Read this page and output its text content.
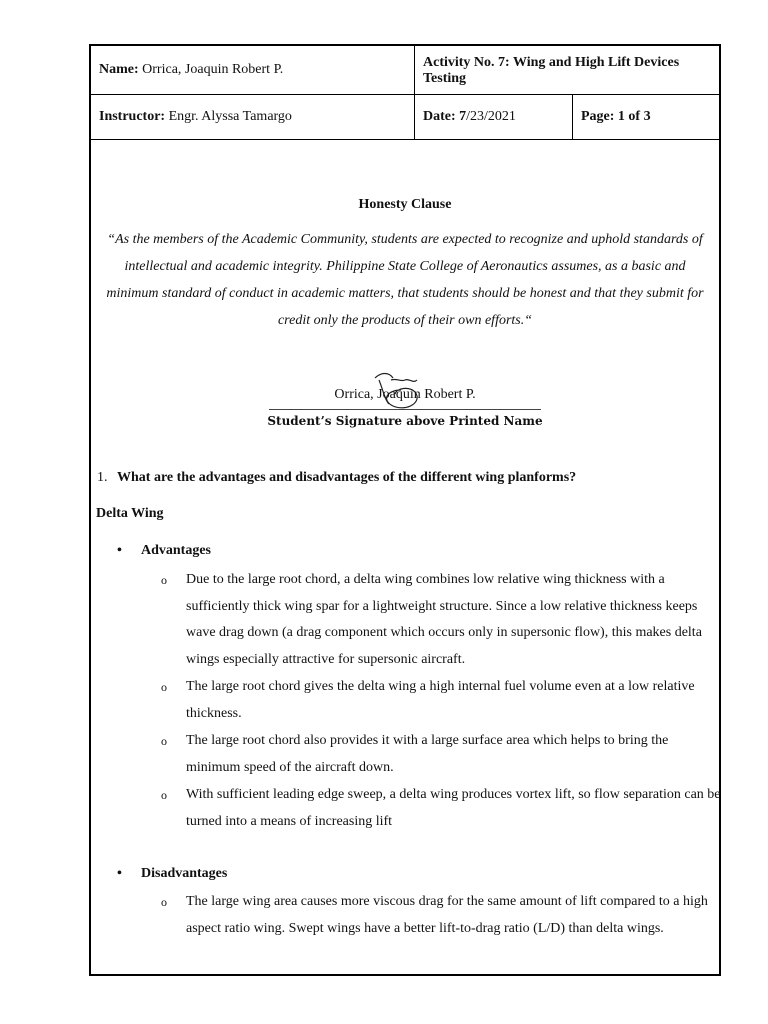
Name: Orrica, Joaquin Robert P.	Activity No. 7: Wing and High Lift Devices Testing
Instructor: Engr. Alyssa Tamargo	Date: 7/23/2021	Page: 1 of 3
Honesty Clause
“As the members of the Academic Community, students are expected to recognize and uphold standards of intellectual and academic integrity. Philippine State College of Aeronautics assumes, as a basic and minimum standard of conduct in academic matters, that students should be honest and that they submit for credit only the products of their own efforts.“
Orrica, Joaquin Robert P.
Student’s Signature above Printed Name
1. What are the advantages and disadvantages of the different wing planforms?
Delta Wing
• Advantages
o	Due to the large root chord, a delta wing combines low relative wing thickness with a sufficiently thick wing spar for a lightweight structure. Since a low relative thickness keeps wave drag down (a drag component which occurs only in supersonic flow), this makes delta wings especially attractive for supersonic aircraft.
o	The large root chord gives the delta wing a high internal fuel volume even at a low relative thickness.
o	The large root chord also provides it with a large surface area which helps to bring the minimum speed of the aircraft down.
o	With sufficient leading edge sweep, a delta wing produces vortex lift, so flow separation can be turned into a means of increasing lift
• Disadvantages
o	The large wing area causes more viscous drag for the same amount of lift compared to a high aspect ratio wing. Swept wings have a better lift-to-drag ratio (L/D) than delta wings.
